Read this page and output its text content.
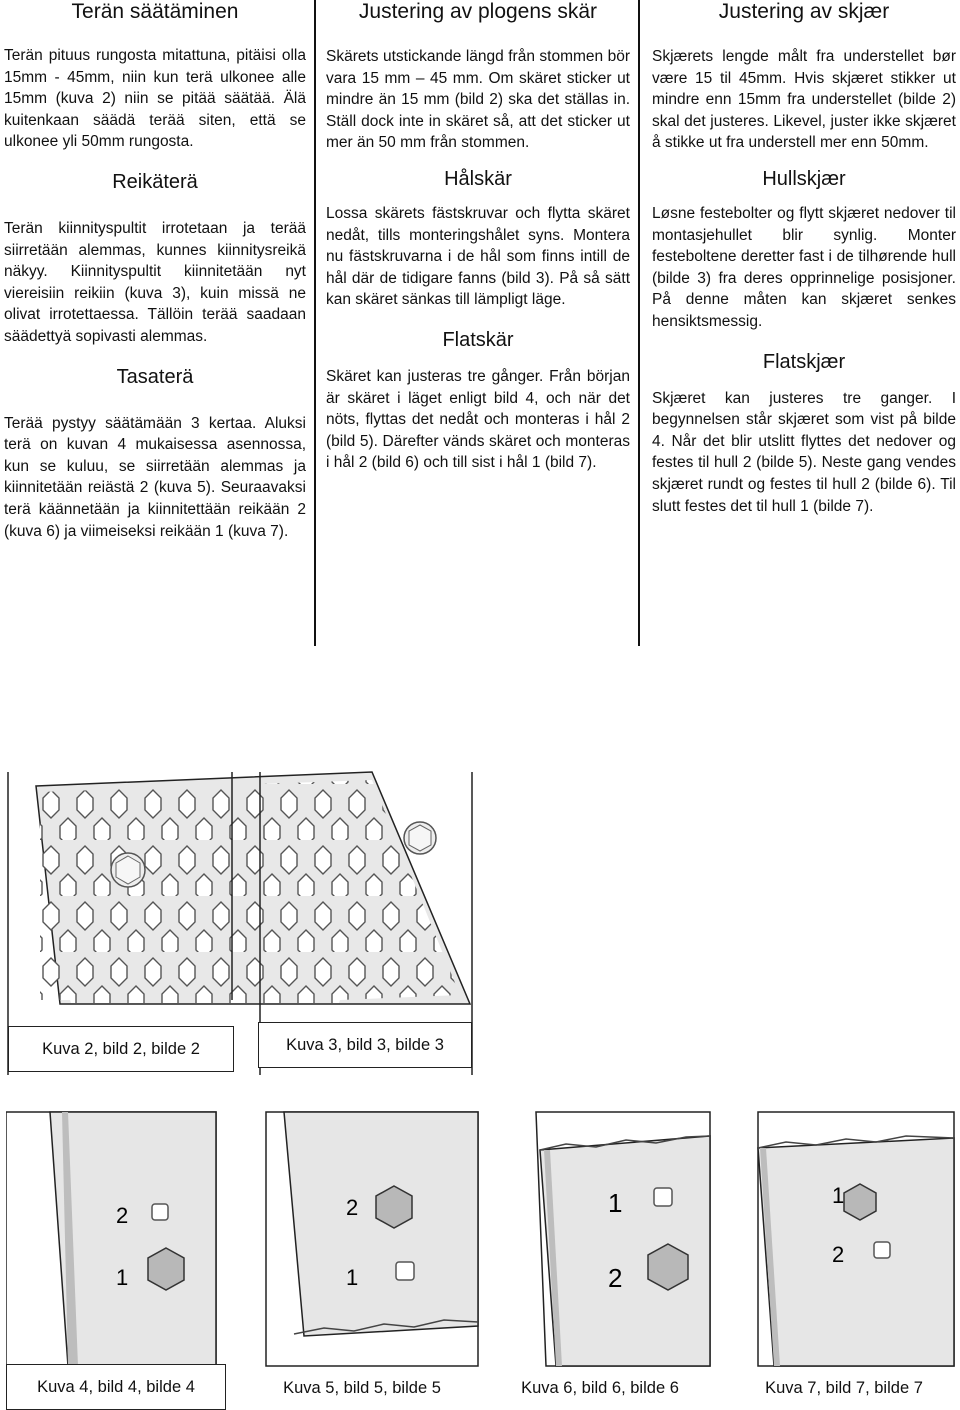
Terän säätäminen

Terän pituus rungosta mitattuna, pitäisi olla 15mm - 45mm, niin kun terä ulkonee alle 15mm (kuva 2) niin se pitää säätää. Älä kuitenkaan säädä terää siten, että se ulkonee yli 50mm rungosta.

Reikäterä

Terän kiinnityspultit irrotetaan ja terää siirretään alemmas, kunnes kiinnitysreikä näkyy. Kiinnityspultit kiinnitetään nyt viereisiin reikiin (kuva 3), kuin missä ne olivat irrotettaessa. Tällöin terää saadaan säädettyä sopivasti alemmas.

Tasaterä

Terää pystyy säätämään 3 kertaa. Aluksi terä on kuvan 4 mukaisessa asennossa, kun se kuluu, se siirretään alemmas ja kiinnitetään reiästä 2 (kuva 5). Seuraavaksi terä käännetään ja kiinnitettään reikään 2 (kuva 6) ja viimeiseksi reikään 1 (kuva 7).

Justering av plogens skär

Skärets utstickande längd från stommen bör vara 15 mm – 45 mm. Om skäret sticker ut mindre än 15 mm (bild 2) ska det ställas in. Ställ dock inte in skäret så, att det sticker ut mer än 50 mm från stommen.

Hålskär

Lossa skärets fästskruvar och flytta skäret nedåt, tills monteringshålet syns. Montera nu fästskruvarna i de hål som finns intill de hål där de tidigare fanns (bild 3). På så sätt kan skäret sänkas till lämpligt läge.

Flatskär

Skäret kan justeras tre gånger. Från början är skäret i läget enligt bild 4, och när det nöts, flyttas det nedåt och monteras i hål 2 (bild 5). Därefter vänds skäret och monteras i hål 2 (bild 6) och till sist i hål 1 (bild 7).

Justering av skjær

Skjærets lengde målt fra understellet bør være 15 til 45mm. Hvis skjæret stikker ut mindre enn 15mm fra understellet (bilde 2) skal det justeres. Likevel, juster ikke skjæret å stikke ut fra understell mer enn 50mm.

Hullskjær

Løsne festebolter og flytt skjæret nedover til montasjehullet blir synlig. Monter festeboltene deretter fast i de tilhørende hull (bilde 3) fra deres opprinnelige posisjoner. På denne måten kan skjæret senkes hensiktsmessig.

Flatskjær

Skjæret kan justeres tre ganger. I begynnelsen står skjæret som vist på bilde 4. Når det blir utslitt flyttes det nedover og festes til hull 2 (bilde 5). Neste gang vendes skjæret rundt og festes til hull 2 (bilde 6). Til slutt festes det til hull 1 (bilde 7).

Kuva 2, bild 2, bilde 2	Kuva 3, bild 3, bilde 3
2
1
Kuva 4, bild 4, bilde 4
2
1
Kuva 5, bild 5, bilde 5
1
2
Kuva 6, bild 6, bilde 6
1
2
Kuva 7, bild 7, bilde 7
